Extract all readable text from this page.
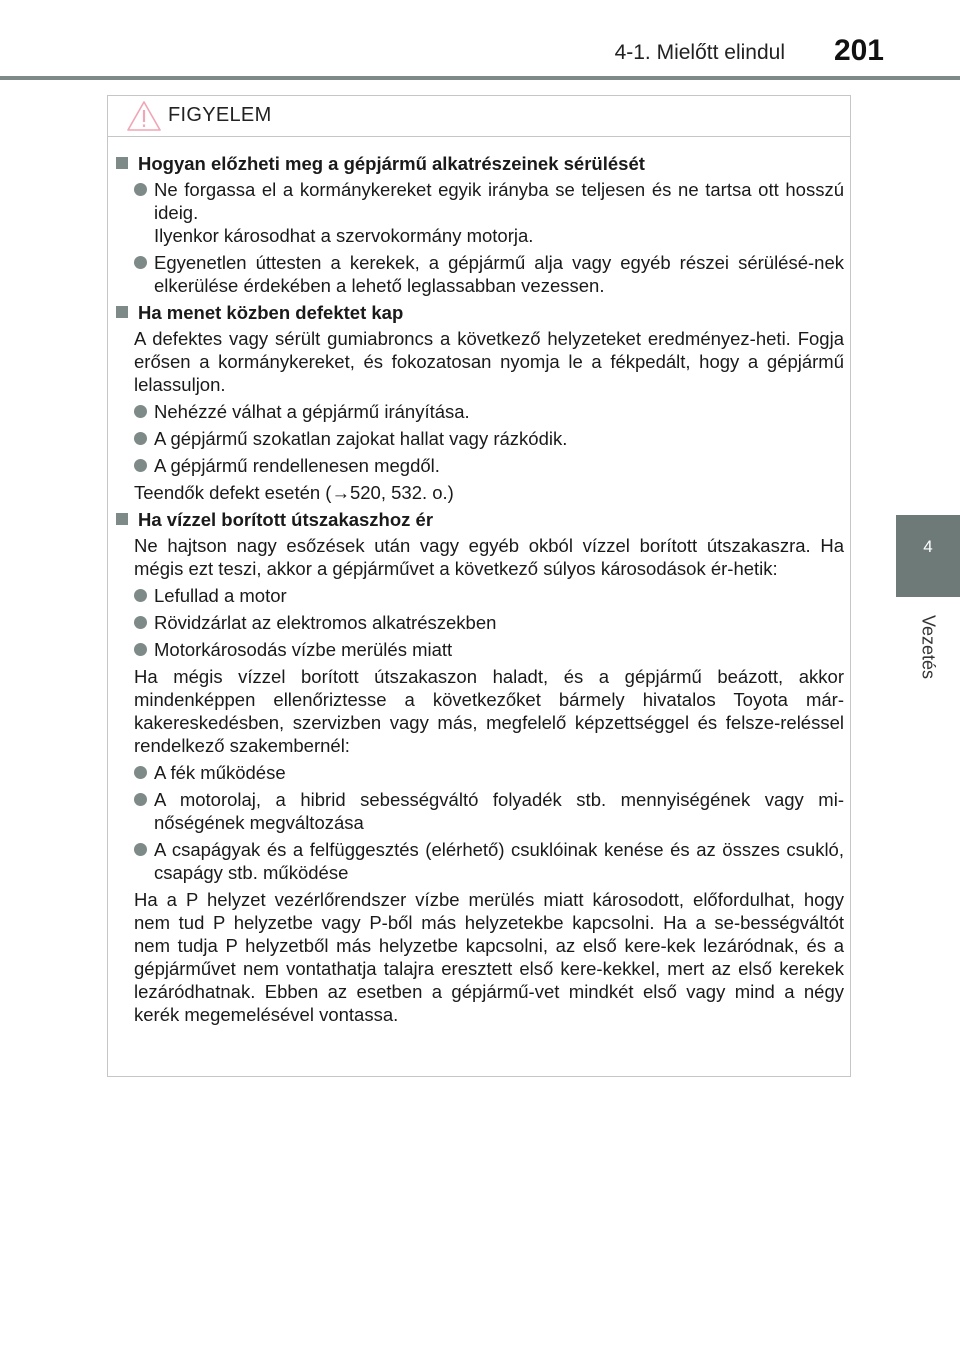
4-1. Mielőtt elindul	201
4
Vezetés
FIGYELEM
Hogyan előzheti meg a gépjármű alkatrészeinek sérülését
Ne forgassa el a kormánykereket egyik irányba se teljesen és ne tartsa ott hosszú ideig.
Ilyenkor károsodhat a szervokormány motorja.
Egyenetlen úttesten a kerekek, a gépjármű alja vagy egyéb részei sérülésé-nek elkerülése érdekében a lehető leglassabban vezessen.
Ha menet közben defektet kap
A defektes vagy sérült gumiabroncs a következő helyzeteket eredményez-heti. Fogja erősen a kormánykereket, és fokozatosan nyomja le a fékpedált, hogy a gépjármű lelassuljon.
Nehézzé válhat a gépjármű irányítása.
A gépjármű szokatlan zajokat hallat vagy rázkódik.
A gépjármű rendellenesen megdől.
Teendők defekt esetén (→520, 532. o.)
Ha vízzel borított útszakaszhoz ér
Ne hajtson nagy esőzések után vagy egyéb okból vízzel borított útszakaszra. Ha mégis ezt teszi, akkor a gépjárművet a következő súlyos károsodások ér-hetik:
Lefullad a motor
Rövidzárlat az elektromos alkatrészekben
Motorkárosodás vízbe merülés miatt
Ha mégis vízzel borított útszakaszon haladt, és a gépjármű beázott, akkor mindenképpen ellenőriztesse a következőket bármely hivatalos Toyota már-kakereskedésben, szervizben vagy más, megfelelő képzettséggel és felsze-reléssel rendelkező szakembernél:
A fék működése
A motorolaj, a hibrid sebességváltó folyadék stb. mennyiségének vagy mi-nőségének megváltozása
A csapágyak és a felfüggesztés (elérhető) csuklóinak kenése és az összes csukló, csapágy stb. működése
Ha a P helyzet vezérlőrendszer vízbe merülés miatt károsodott, előfordulhat, hogy nem tud P helyzetbe vagy P-ből más helyzetekbe kapcsolni. Ha a se-bességváltót nem tudja P helyzetből más helyzetbe kapcsolni, az első kere-kek lezáródnak, és a gépjárművet nem vontathatja talajra eresztett első kere-kekkel, mert az első kerekek lezáródhatnak. Ebben az esetben a gépjármű-vet mindkét első vagy mind a négy kerék megemelésével vontassa.
